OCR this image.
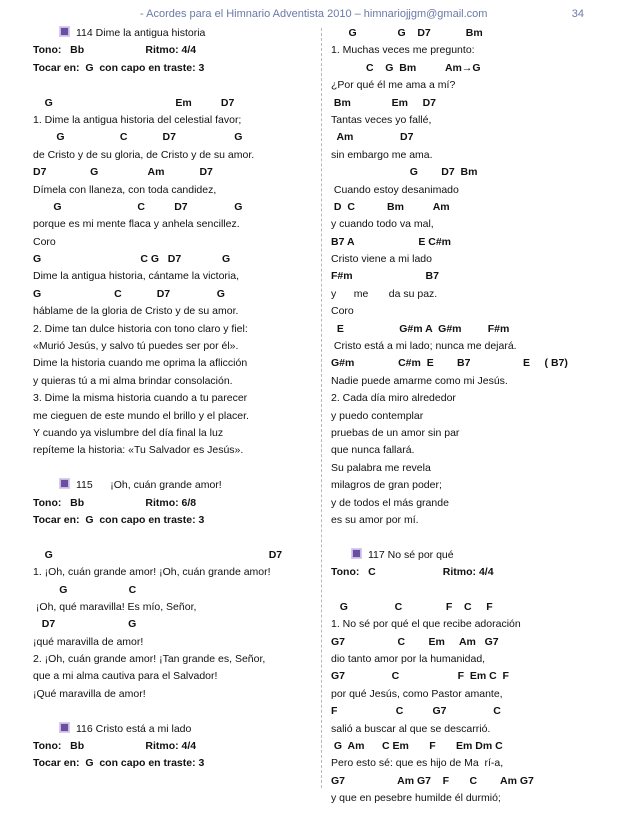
- Acordes para el Himnario Adventista 2010 – himnariojjgm@gmail.com	34
114 Dime la antigua historia
Tono:   Bb                     Ritmo: 4/4
Tocar en:  G  con capo en traste: 3
G                                          Em          D7
1. Dime la antigua historia del celestial favor;
G                   C            D7                    G
de Cristo y de su gloria, de Cristo y de su amor.
D7               G                 Am            D7
Dímela con llaneza, con toda candidez,
G                          C          D7                G
porque es mi mente flaca y anhela sencillez.
Coro
G                                  C G   D7              G
Dime la antigua historia, cántame la victoria,
G                         C            D7                G
háblame de la gloria de Cristo y de su amor.
2. Dime tan dulce historia con tono claro y fiel:
«Murió Jesús, y salvo tú puedes ser por él».
Dime la historia cuando me oprima la aflicción
y quieras tú a mi alma brindar consolación.
3. Dime la misma historia cuando a tu parecer
me cieguen de este mundo el brillo y el placer.
Y cuando ya vislumbre del día final la luz
repíteme la historia: «Tu Salvador es Jesús».
115      ¡Oh, cuán grande amor!
Tono:   Bb                     Ritmo: 6/8
Tocar en:  G  con capo en traste: 3
G                                                                          D7
1. ¡Oh, cuán grande amor! ¡Oh, cuán grande amor!
G                     C
¡Oh, qué maravilla! Es mío, Señor,
D7                         G
¡qué maravilla de amor!
2. ¡Oh, cuán grande amor! ¡Tan grande es, Señor,
que a mi alma cautiva para el Salvador!
¡Qué maravilla de amor!
116 Cristo está a mi lado
Tono:   Bb                     Ritmo: 4/4
Tocar en:  G  con capo en traste: 3
G              G    D7            Bm
1. Muchas veces me pregunto:
C    G  Bm          Am→G
¿Por qué él me ama a mí?
Bm              Em     D7
Tantas veces yo fallé,
Am                D7
sin embargo me ama.
G        D7  Bm
Cuando estoy desanimado
D  C           Bm          Am
y cuando todo va mal,
B7 A                      E C#m
Cristo viene a mi lado
F#m                         B7
y      me       da su paz.
Coro
E                   G#m A  G#m         F#m
Cristo está a mi lado; nunca me dejará.
G#m               C#m  E        B7                  E     ( B7)
Nadie puede amarme como mi Jesús.
2. Cada día miro alrededor
y puedo contemplar
pruebas de un amor sin par
que nunca fallará.
Su palabra me revela
milagros de gran poder;
y de todos el más grande
es su amor por mí.
117 No sé por qué
Tono:   C                       Ritmo: 4/4
G                C               F    C     F
1. No sé por qué el que recibe adoración
G7                  C        Em     Am   G7
dio tanto amor por la humanidad,
G7                C                    F  Em C  F
por qué Jesús, como Pastor amante,
F                    C          G7                C
salió a buscar al que se descarrió.
G  Am      C Em       F       Em Dm C
Pero esto sé: que es hijo de Ma  rí-a,
G7                  Am G7    F       C        Am G7
y que en pesebre humilde él durmió;
